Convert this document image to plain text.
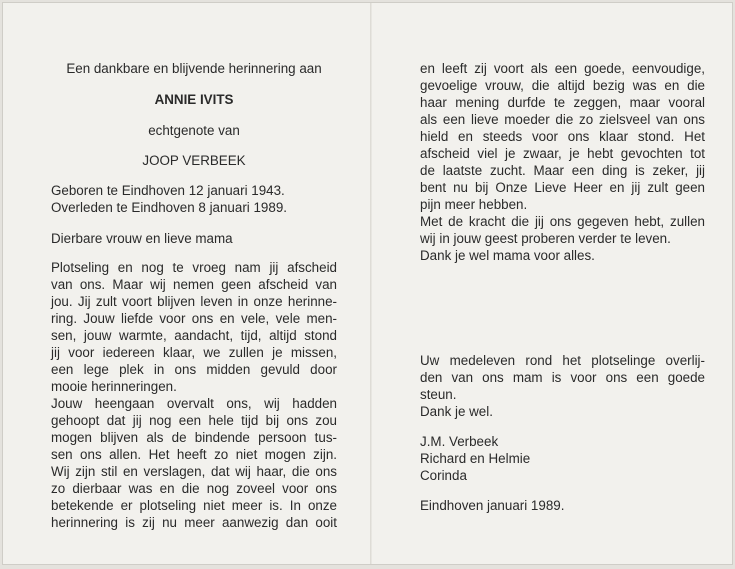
Een dankbare en blijvende herinnering aan
ANNIE IVITS
echtgenote van
JOOP VERBEEK
Geboren te Eindhoven 12 januari 1943.
Overleden te Eindhoven 8 januari 1989.
Dierbare vrouw en lieve mama
Plotseling en nog te vroeg nam jij afscheid
van ons. Maar wij nemen geen afscheid van
jou. Jij zult voort blijven leven in onze herinne-
ring. Jouw liefde voor ons en vele, vele men-
sen, jouw warmte, aandacht, tijd, altijd stond
jij voor iedereen klaar, we zullen je missen,
een lege plek in ons midden gevuld door
mooie herinneringen.
Jouw heengaan overvalt ons, wij hadden
gehoopt dat jij nog een hele tijd bij ons zou
mogen blijven als de bindende persoon tus-
sen ons allen. Het heeft zo niet mogen zijn.
Wij zijn stil en verslagen, dat wij haar, die ons
zo dierbaar was en die nog zoveel voor ons
betekende er plotseling niet meer is. In onze
herinnering is zij nu meer aanwezig dan ooit
en leeft zij voort als een goede, eenvoudige,
gevoelige vrouw, die altijd bezig was en die
haar mening durfde te zeggen, maar vooral
als een lieve moeder die zo zielsveel van ons
hield en steeds voor ons klaar stond. Het
afscheid viel je zwaar, je hebt gevochten tot
de laatste zucht. Maar een ding is zeker, jij
bent nu bij Onze Lieve Heer en jij zult geen
pijn meer hebben.
Met de kracht die jij ons gegeven hebt, zullen
wij in jouw geest proberen verder te leven.
Dank je wel mama voor alles.
Uw medeleven rond het plotselinge overlij-
den van ons mam is voor ons een goede
steun.
Dank je wel.
J.M. Verbeek
Richard en Helmie
Corinda
Eindhoven januari 1989.
